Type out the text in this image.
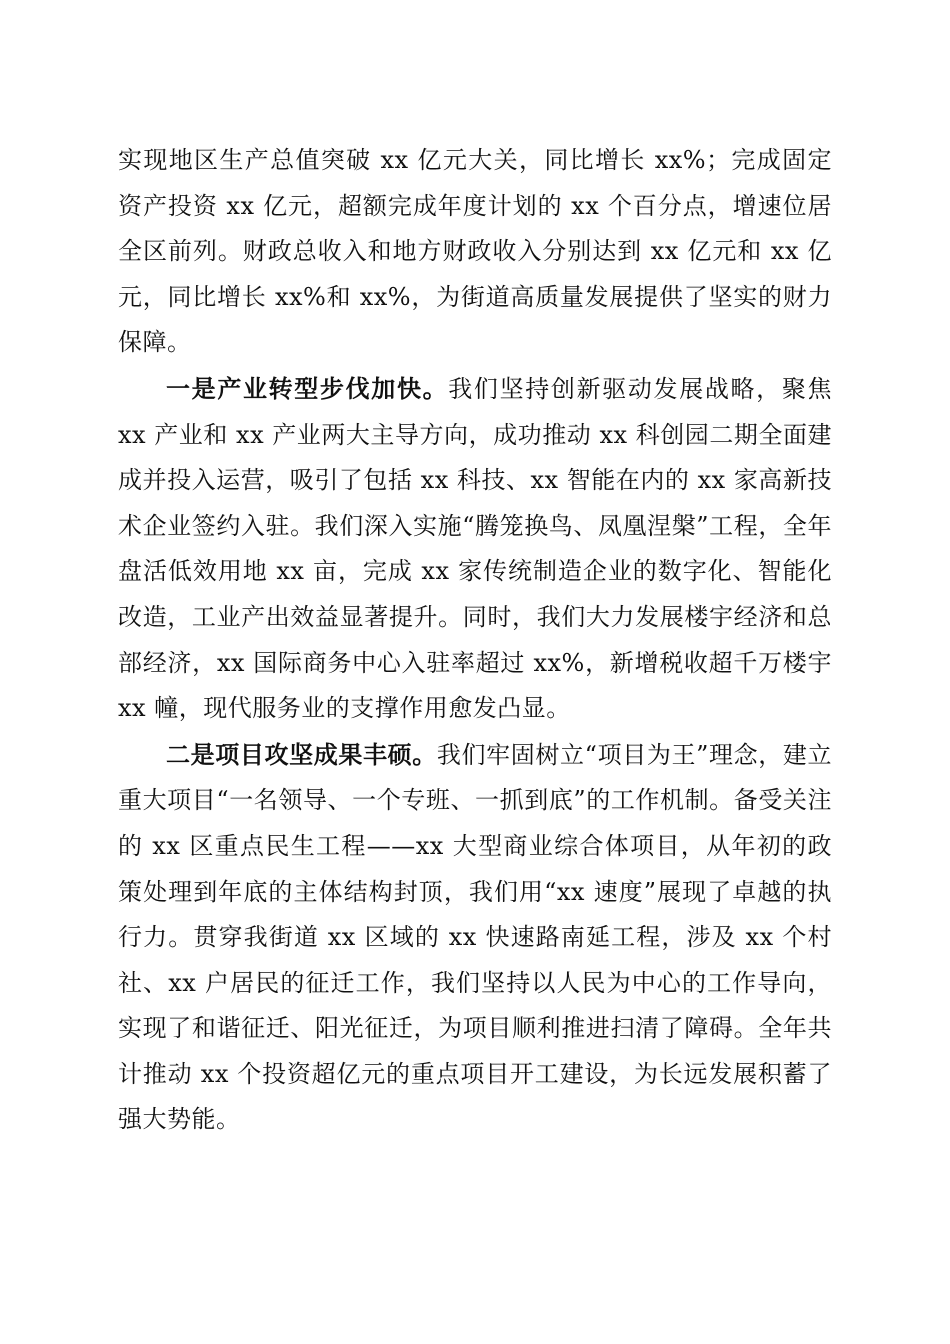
实现地区生产总值突破 xx 亿元大关，同比增长 xx%；完成固定资产投资 xx 亿元，超额完成年度计划的 xx 个百分点，增速位居全区前列。财政总收入和地方财政收入分别达到 xx 亿元和 xx 亿元，同比增长 xx%和 xx%，为街道高质量发展提供了坚实的财力保障。

一是产业转型步伐加快。我们坚持创新驱动发展战略，聚焦 xx 产业和 xx 产业两大主导方向，成功推动 xx 科创园二期全面建成并投入运营，吸引了包括 xx 科技、xx 智能在内的 xx 家高新技术企业签约入驻。我们深入实施“腾笼换鸟、凤凰涅槃”工程，全年盘活低效用地 xx 亩，完成 xx 家传统制造企业的数字化、智能化改造，工业产出效益显著提升。同时，我们大力发展楼宇经济和总部经济，xx 国际商务中心入驻率超过 xx%，新增税收超千万楼宇 xx 幢，现代服务业的支撑作用愈发凸显。

二是项目攻坚成果丰硕。我们牢固树立“项目为王”理念，建立重大项目“一名领导、一个专班、一抓到底”的工作机制。备受关注的 xx 区重点民生工程——xx 大型商业综合体项目，从年初的政策处理到年底的主体结构封顶，我们用“xx 速度”展现了卓越的执行力。贯穿我街道 xx 区域的 xx 快速路南延工程，涉及 xx 个村社、xx 户居民的征迁工作，我们坚持以人民为中心的工作导向，实现了和谐征迁、阳光征迁，为项目顺利推进扫清了障碍。全年共计推动 xx 个投资超亿元的重点项目开工建设，为长远发展积蓄了强大势能。
